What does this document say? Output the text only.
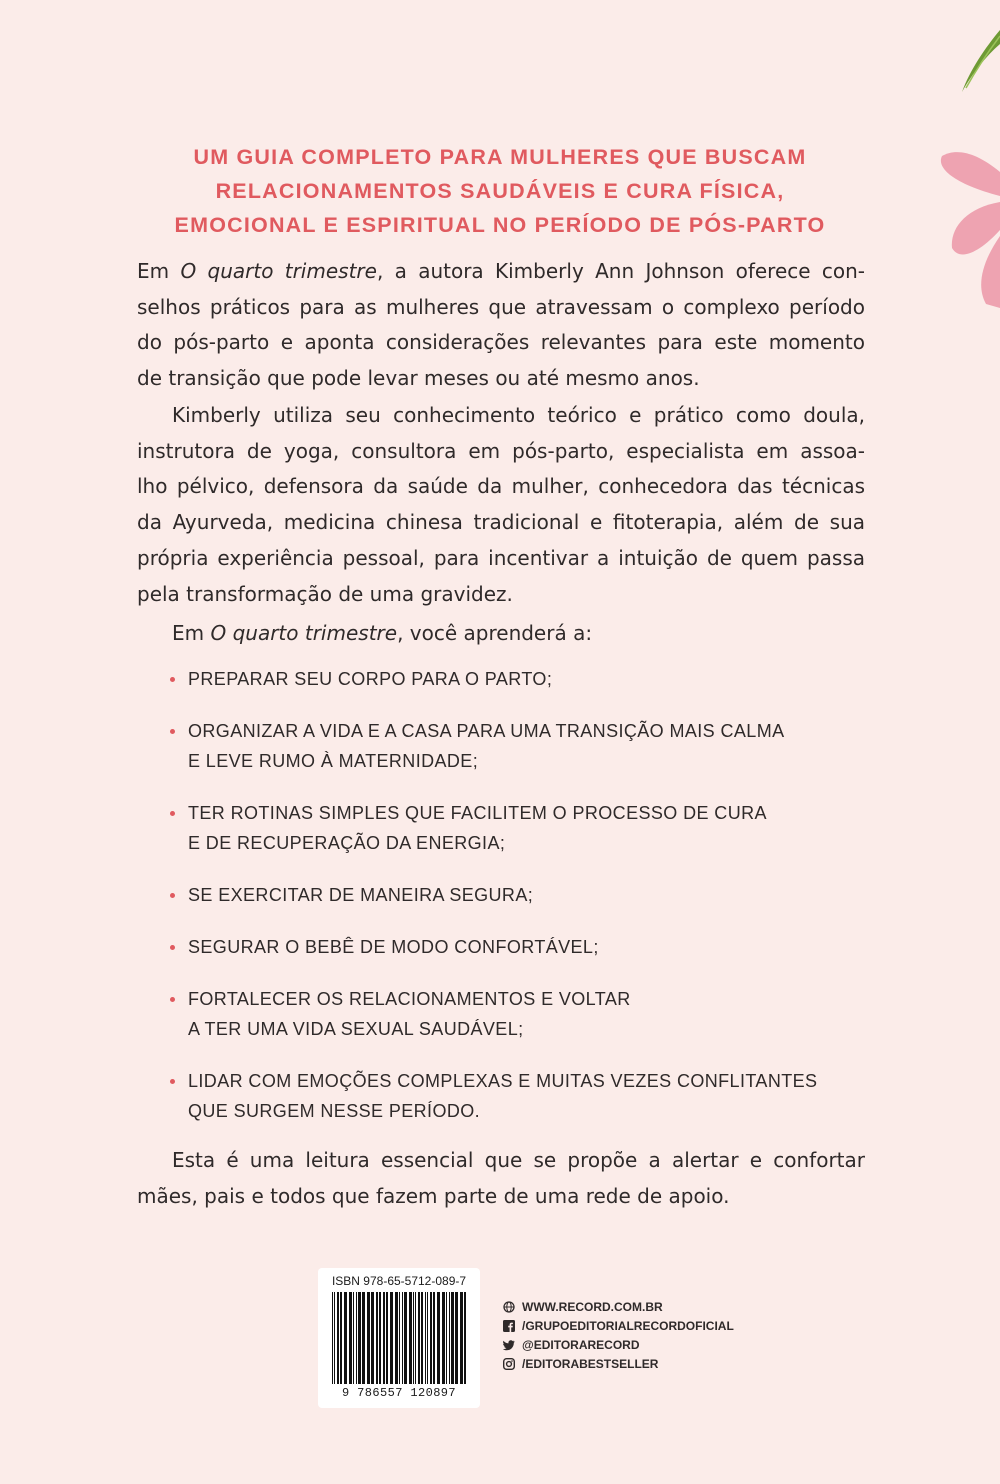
UM GUIA COMPLETO PARA MULHERES QUE BUSCAM
RELACIONAMENTOS SAUDÁVEIS E CURA FÍSICA,
EMOCIONAL E ESPIRITUAL NO PERÍODO DE PÓS-PARTO
Em O quarto trimestre, a autora Kimberly Ann Johnson oferece con-
selhos práticos para as mulheres que atravessam o complexo período
do pós-parto e aponta considerações relevantes para este momento
de transição que pode levar meses ou até mesmo anos.
Kimberly utiliza seu conhecimento teórico e prático como doula,
instrutora de yoga, consultora em pós-parto, especialista em assoa-
lho pélvico, defensora da saúde da mulher, conhecedora das técnicas
da Ayurveda, medicina chinesa tradicional e fitoterapia, além de sua
própria experiência pessoal, para incentivar a intuição de quem passa
pela transformação de uma gravidez.
Em O quarto trimestre, você aprenderá a:
PREPARAR SEU CORPO PARA O PARTO;
ORGANIZAR A VIDA E A CASA PARA UMA TRANSIÇÃO MAIS CALMA
E LEVE RUMO À MATERNIDADE;
TER ROTINAS SIMPLES QUE FACILITEM O PROCESSO DE CURA
E DE RECUPERAÇÃO DA ENERGIA;
SE EXERCITAR DE MANEIRA SEGURA;
SEGURAR O BEBÊ DE MODO CONFORTÁVEL;
FORTALECER OS RELACIONAMENTOS E VOLTAR
A TER UMA VIDA SEXUAL SAUDÁVEL;
LIDAR COM EMOÇÕES COMPLEXAS E MUITAS VEZES CONFLITANTES
QUE SURGEM NESSE PERÍODO.
Esta é uma leitura essencial que se propõe a alertar e confortar
mães, pais e todos que fazem parte de uma rede de apoio.
ISBN 978-65-5712-089-7
9 786557 120897
WWW.RECORD.COM.BR
/GRUPOEDITORIALRECORDOFICIAL
@EDITORARECORD
/EDITORABESTSELLER
